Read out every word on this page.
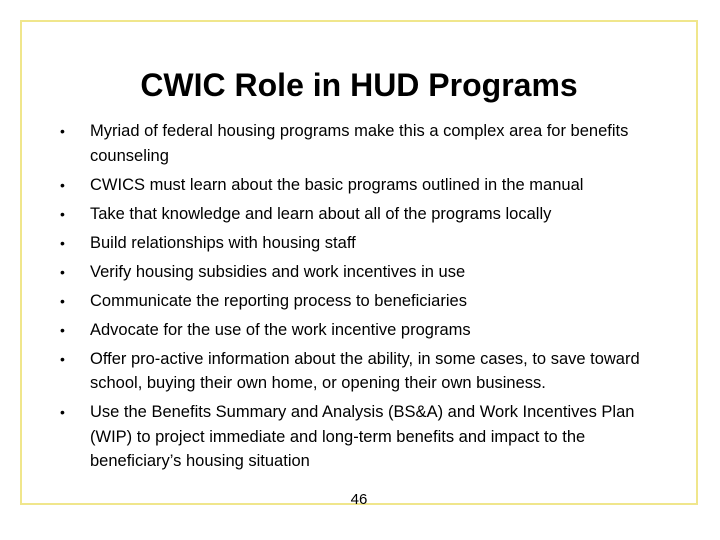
CWIC Role in HUD Programs
•	Myriad of federal housing programs make this a complex area for benefits counseling
•	CWICS must learn about the basic programs outlined in the manual
•	Take that knowledge and learn about all of the programs locally
•	Build relationships with housing staff
•	Verify housing subsidies and work incentives in use
•	Communicate the reporting process to beneficiaries
•	Advocate for the use of the work incentive programs
•	Offer pro-active information about the ability, in some cases, to save toward school, buying their own home, or opening their own business.
•	Use the Benefits Summary and Analysis (BS&A) and Work Incentives Plan (WIP) to project immediate and long-term benefits and impact to the beneficiary’s housing situation
46
